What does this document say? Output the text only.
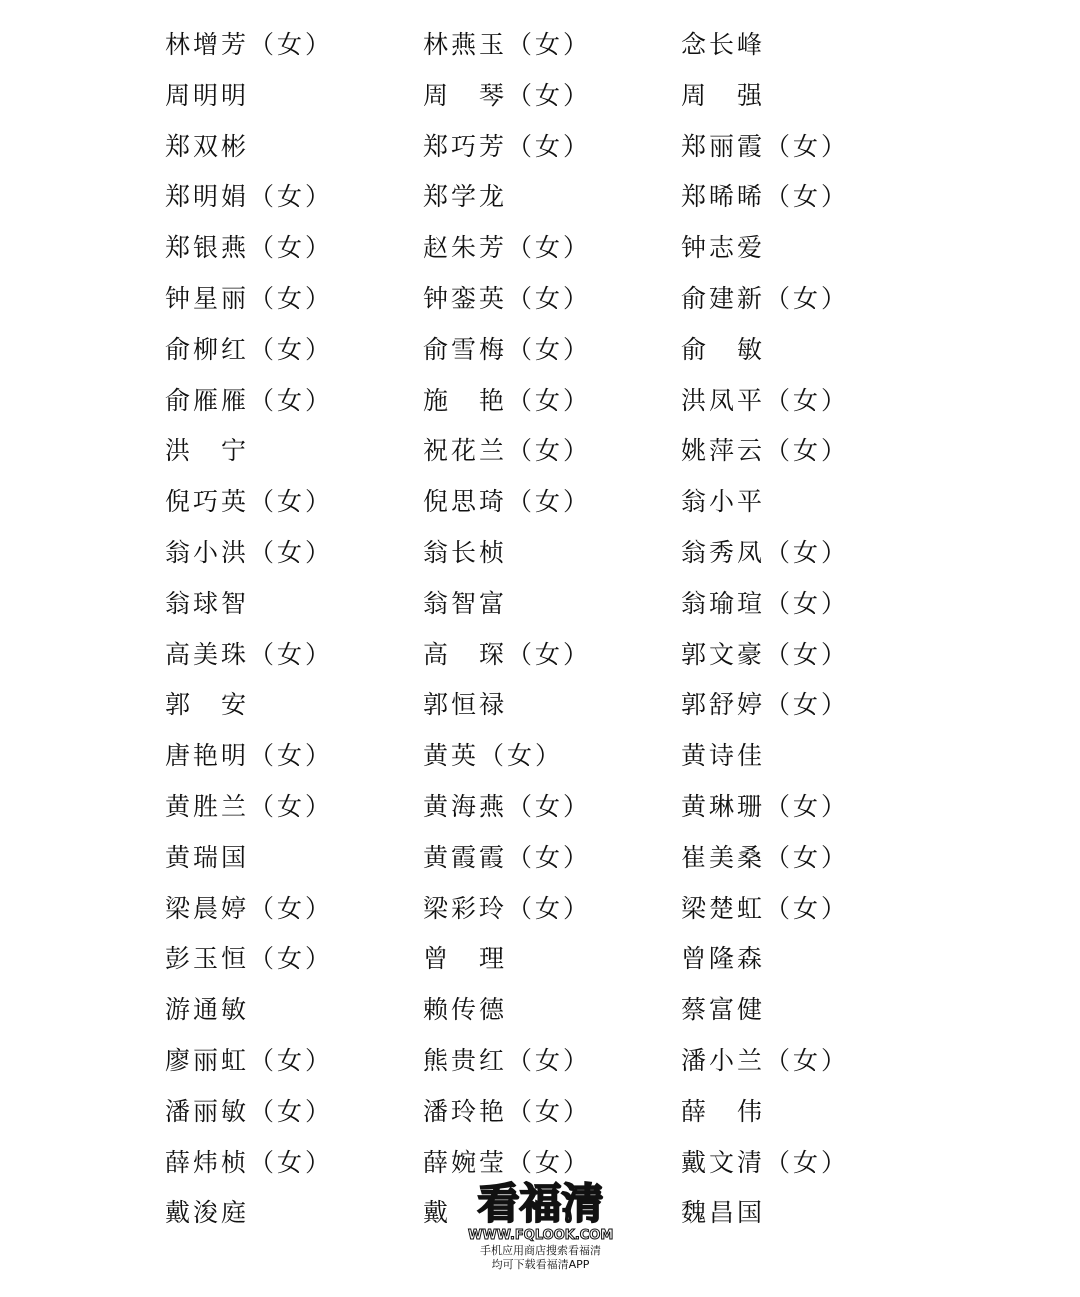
林增芳（女）	林燕玉（女）	念长峰
周明明	周　琴（女）	周　强
郑双彬	郑巧芳（女）	郑丽霞（女）
郑明娟（女）	郑学龙	郑晞晞（女）
郑银燕（女）	赵朱芳（女）	钟志爱
钟星丽（女）	钟銮英（女）	俞建新（女）
俞柳红（女）	俞雪梅（女）	俞　敏
俞雁雁（女）	施　艳（女）	洪凤平（女）
洪　宁	祝花兰（女）	姚萍云（女）
倪巧英（女）	倪思琦（女）	翁小平
翁小洪（女）	翁长桢	翁秀凤（女）
翁球智	翁智富	翁瑜瑄（女）
高美珠（女）	高　琛（女）	郭文豪（女）
郭　安	郭恒禄	郭舒婷（女）
唐艳明（女）	黄英（女）	黄诗佳
黄胜兰（女）	黄海燕（女）	黄琳珊（女）
黄瑞国	黄霞霞（女）	崔美桑（女）
梁晨婷（女）	梁彩玲（女）	梁楚虹（女）
彭玉恒（女）	曾　理	曾隆森
游通敏	赖传德	蔡富健
廖丽虹（女）	熊贵红（女）	潘小兰（女）
潘丽敏（女）	潘玲艳（女）	薛　伟
薛炜桢（女）	薛婉莹（女）	戴文清（女）
戴浚庭	戴	魏昌国
看福清
WWW.FQLOOK.COM
手机应用商店搜索看福清
均可下载看福清APP
